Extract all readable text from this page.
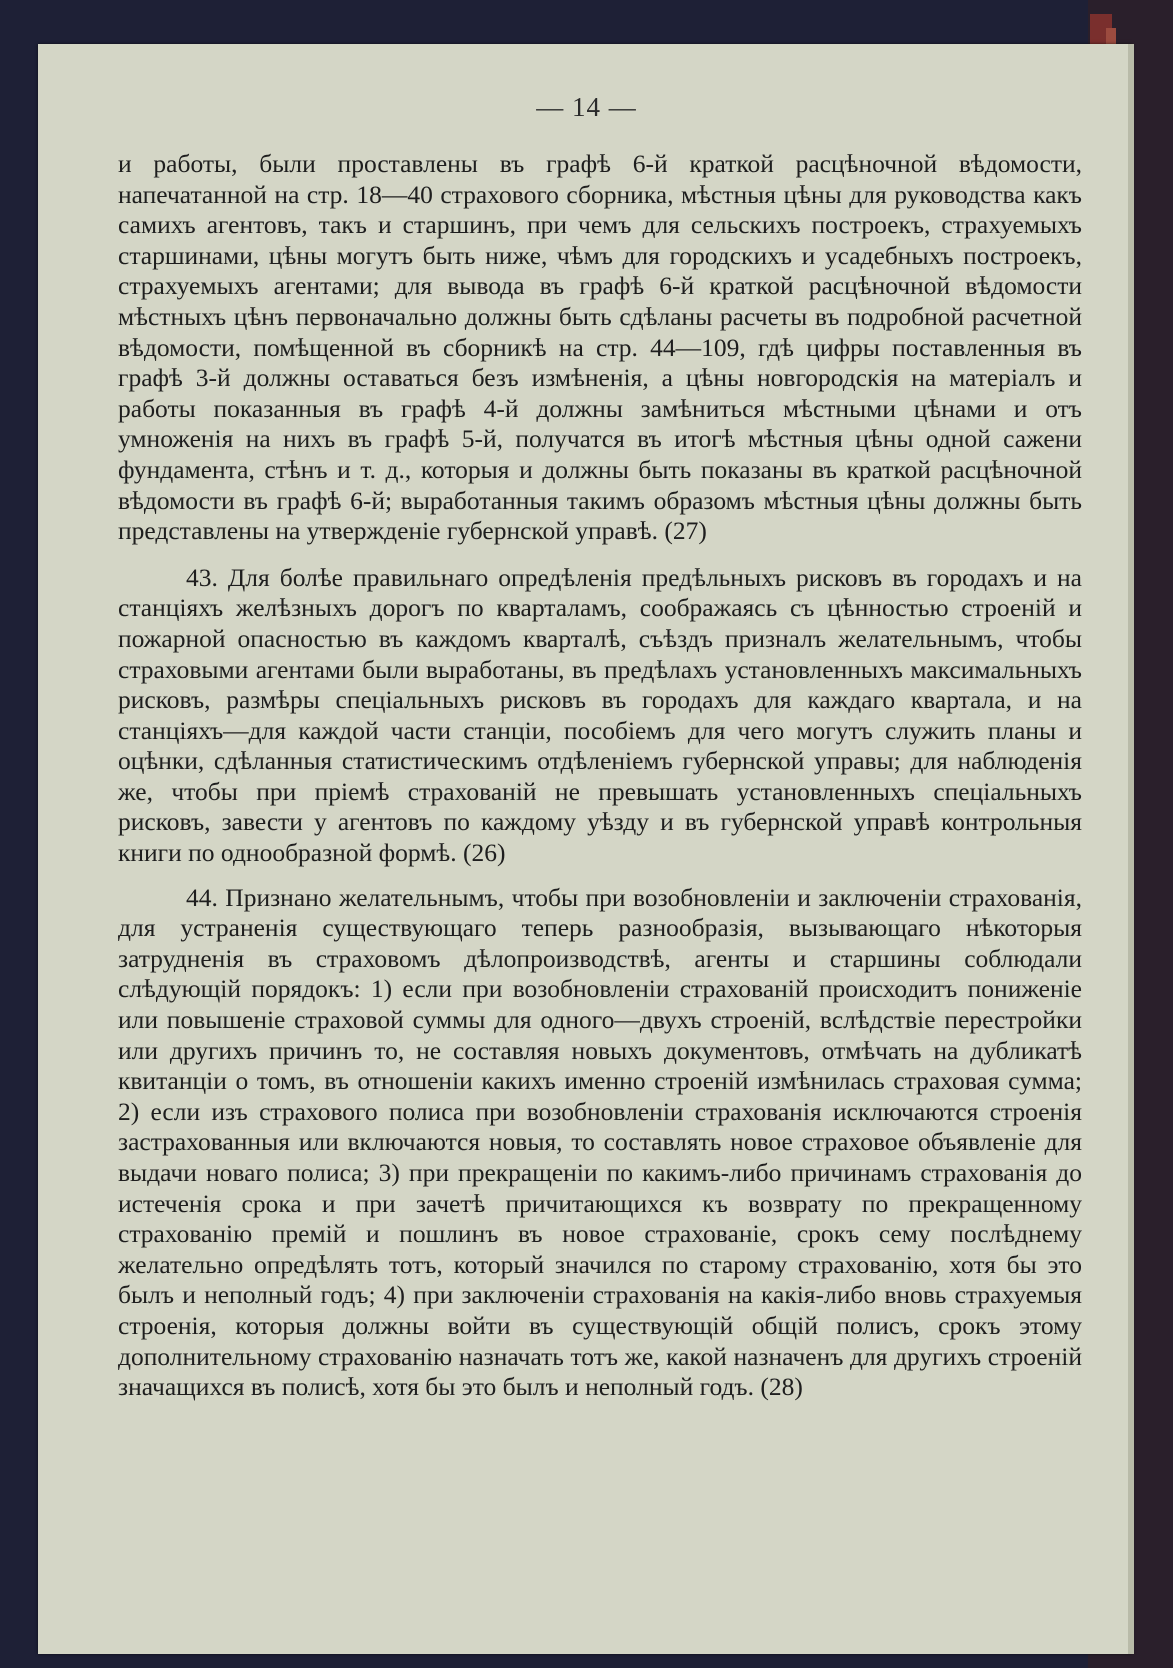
— 14 —

и работы, были проставлены въ графѣ 6-й краткой расцѣночной вѣдомости, напечатанной на стр. 18—40 страхового сборника, мѣстныя цѣны для руководства какъ самихъ агентовъ, такъ и старшинъ, при чемъ для сельскихъ построекъ, страхуемыхъ старшинами, цѣны могутъ быть ниже, чѣмъ для городскихъ и усадебныхъ построекъ, страхуемыхъ агентами; для вывода въ графѣ 6-й краткой расцѣночной вѣдомости мѣстныхъ цѣнъ первоначально должны быть сдѣланы расчеты въ подробной расчетной вѣдомости, помѣщенной въ сборникѣ на стр. 44—109, гдѣ цифры поставленныя въ графѣ 3-й должны оставаться безъ измѣненія, а цѣны новгородскія на матеріалъ и работы показанныя въ графѣ 4-й должны замѣниться мѣстными цѣнами и отъ умноженія на нихъ въ графѣ 5-й, получатся въ итогѣ мѣстныя цѣны одной сажени фундамента, стѣнъ и т. д., которыя и должны быть показаны въ краткой расцѣночной вѣдомости въ графѣ 6-й; выработанныя такимъ образомъ мѣстныя цѣны должны быть представлены на утвержденіе губернской управѣ. (27)

43. Для болѣе правильнаго опредѣленія предѣльныхъ рисковъ въ городахъ и на станціяхъ желѣзныхъ дорогъ по кварталамъ, соображаясь съ цѣнностью строеній и пожарной опасностью въ каждомъ кварталѣ, съѣздъ призналъ желательнымъ, чтобы страховыми агентами были выработаны, въ предѣлахъ установленныхъ максимальныхъ рисковъ, размѣры спеціальныхъ рисковъ въ городахъ для каждаго квартала, и на станціяхъ—для каждой части станціи, пособіемъ для чего могутъ служить планы и оцѣнки, сдѣланныя статистическимъ отдѣленіемъ губернской управы; для наблюденія же, чтобы при пріемѣ страхованій не превышать установленныхъ спеціальныхъ рисковъ, завести у агентовъ по каждому уѣзду и въ губернской управѣ контрольныя книги по однообразной формѣ. (26)

44. Признано желательнымъ, чтобы при возобновленіи и заключеніи страхованія, для устраненія существующаго теперь разнообразія, вызывающаго нѣкоторыя затрудненія въ страховомъ дѣлопроизводствѣ, агенты и старшины соблюдали слѣдующій порядокъ: 1) если при возобновленіи страхованій происходитъ пониженіе или повышеніе страховой суммы для одного—двухъ строеній, вслѣдствіе перестройки или другихъ причинъ то, не составляя новыхъ документовъ, отмѣчать на дубликатѣ квитанціи о томъ, въ отношеніи какихъ именно строеній измѣнилась страховая сумма; 2) если изъ страхового полиса при возобновленіи страхованія исключаются строенія застрахованныя или включаются новыя, то составлять новое страховое объявленіе для выдачи новаго полиса; 3) при прекращеніи по какимъ-либо причинамъ страхованія до истеченія срока и при зачетѣ причитающихся къ возврату по прекращенному страхованію премій и пошлинъ въ новое страхованіе, срокъ сему послѣднему желательно опредѣлять тотъ, который значился по старому страхованію, хотя бы это былъ и неполный годъ; 4) при заключеніи страхованія на какія-либо вновь страхуемыя строенія, которыя должны войти въ существующій общій полисъ, срокъ этому дополнительному страхованію назначать тотъ же, какой назначенъ для другихъ строеній значащихся въ полисѣ, хотя бы это былъ и неполный годъ. (28)
